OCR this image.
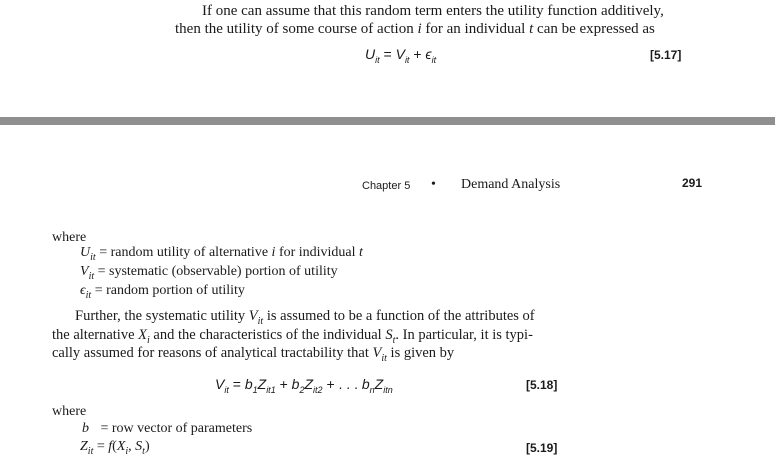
If one can assume that this random term enters the utility function additively,
then the utility of some course of action i for an individual t can be expressed as
$U_{it} = V_{it} + \epsilon_{it}$	[5.17]
Chapter 5 • Demand Analysis	291
where
$U_{it}$ = random utility of alternative i for individual t
$V_{it}$ = systematic (observable) portion of utility
$\epsilon_{it}$ = random portion of utility
Further, the systematic utility $V_{it}$ is assumed to be a function of the attributes of
the alternative $X_i$ and the characteristics of the individual $S_t$. In particular, it is typi-
cally assumed for reasons of analytical tractability that $V_{it}$ is given by
$V_{it} = b_1Z_{it1} + b_2Z_{it2}$ + . . . $b_nZ_{itn}$	[5.18]
where
b = row vector of parameters
$Z_{it} = f(X_i$, $S_t$)	[5.19]
